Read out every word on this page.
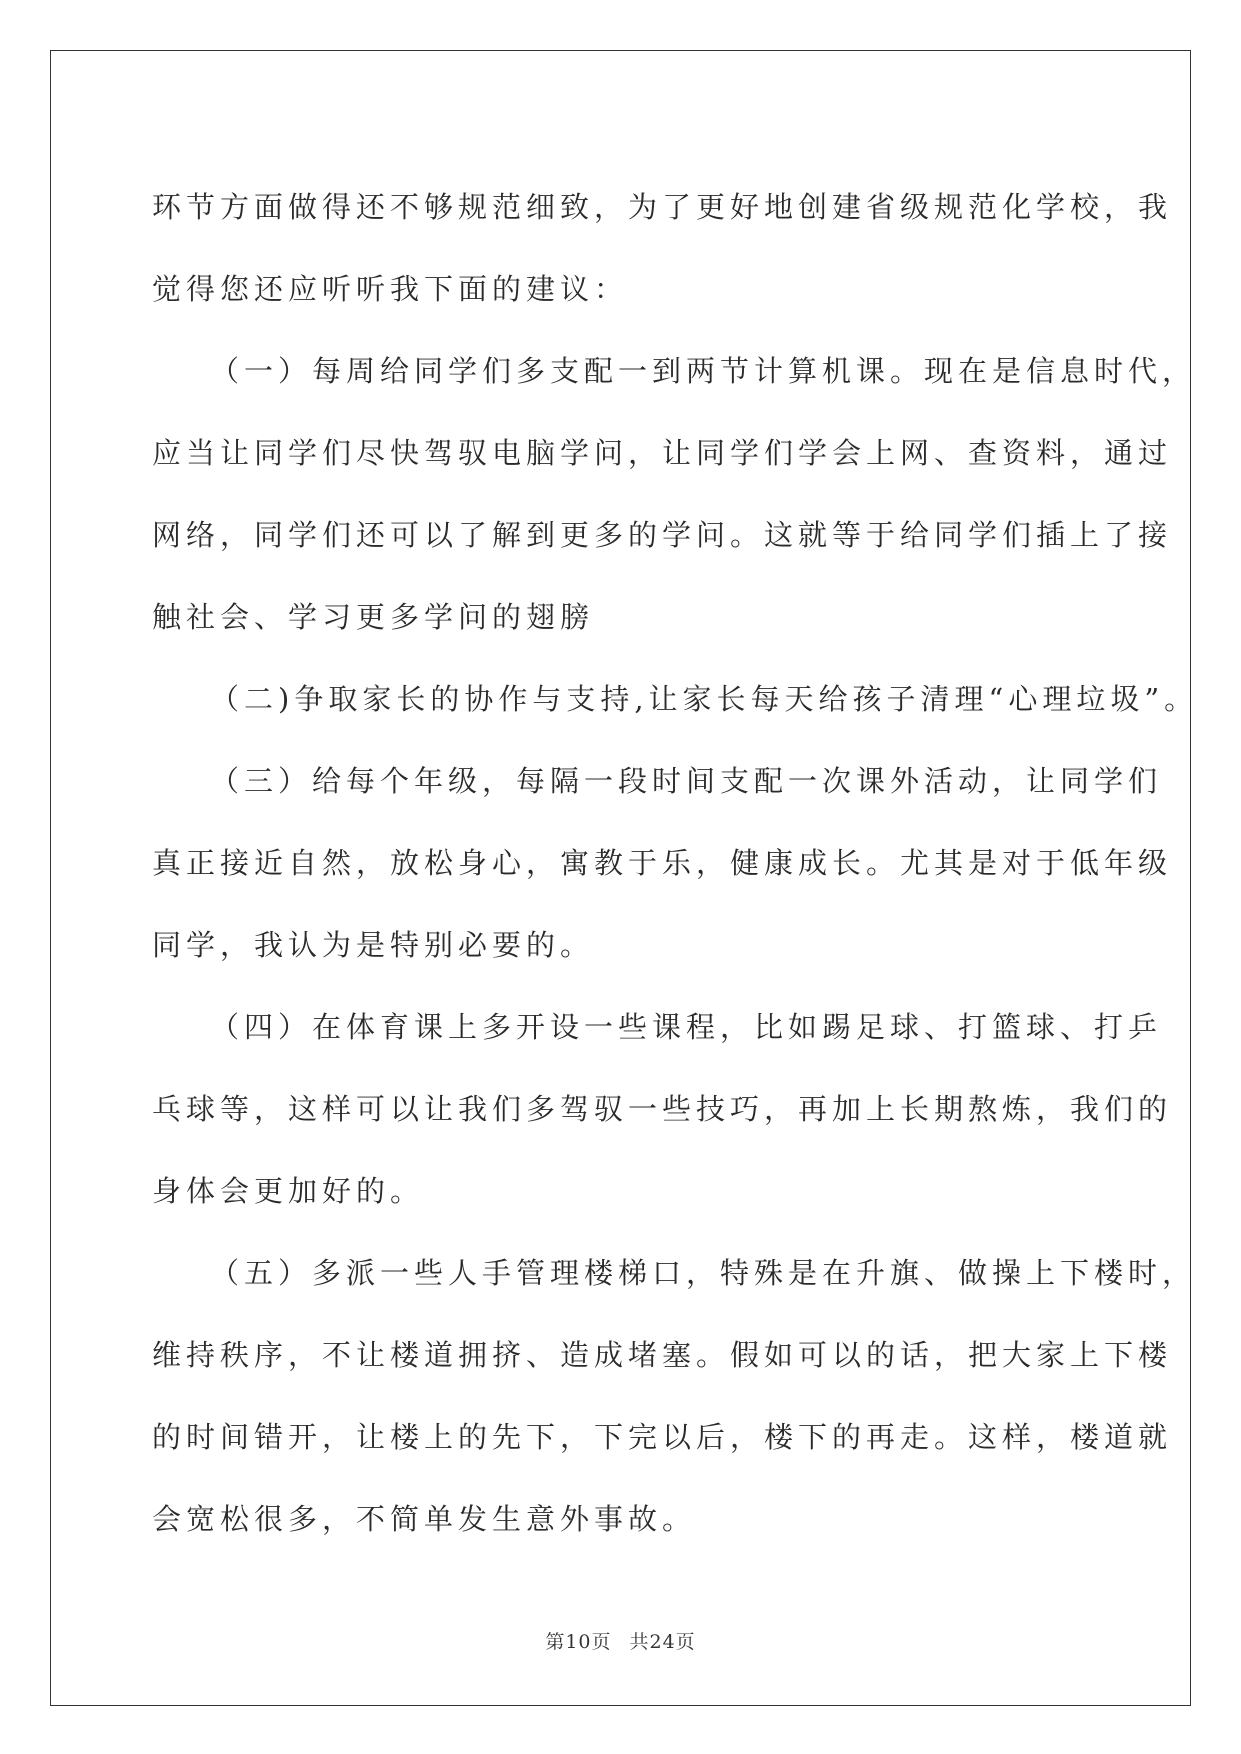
环节方面做得还不够规范细致，为了更好地创建省级规范化学校，我
觉得您还应听听我下面的建议：

（一）每周给同学们多支配一到两节计算机课。现在是信息时代，
应当让同学们尽快驾驭电脑学问，让同学们学会上网、查资料，通过
网络，同学们还可以了解到更多的学问。这就等于给同学们插上了接
触社会、学习更多学问的翅膀

（二)争取家长的协作与支持,让家长每天给孩子清理“心理垃圾”。

（三）给每个年级，每隔一段时间支配一次课外活动，让同学们
真正接近自然，放松身心，寓教于乐，健康成长。尤其是对于低年级
同学，我认为是特别必要的。

（四）在体育课上多开设一些课程，比如踢足球、打篮球、打乒
乓球等，这样可以让我们多驾驭一些技巧，再加上长期熬炼，我们的
身体会更加好的。

（五）多派一些人手管理楼梯口，特殊是在升旗、做操上下楼时，
维持秩序，不让楼道拥挤、造成堵塞。假如可以的话，把大家上下楼
的时间错开，让楼上的先下，下完以后，楼下的再走。这样，楼道就
会宽松很多，不简单发生意外事故。

第10页 共24页
